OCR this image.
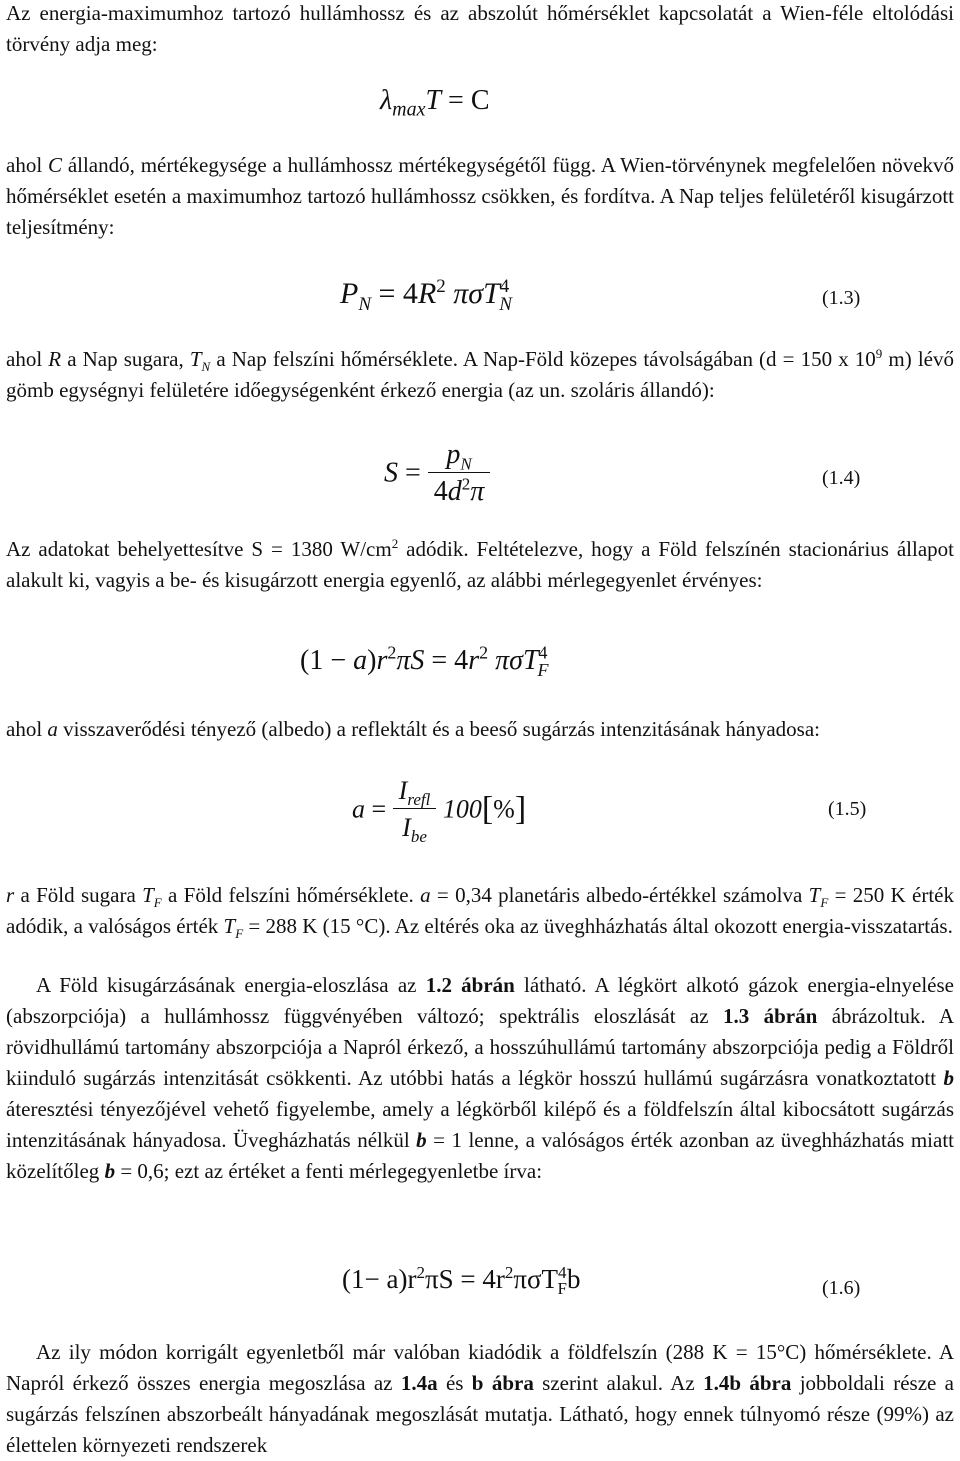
Az energia-maximumhoz tartozó hullámhossz és az abszolút hőmérséklet kapcsolatát a Wien-féle eltolódási törvény adja meg:

$\lambda_{max}T = C$

ahol C állandó, mértékegysége a hullámhossz mértékegységétől függ. A Wien-törvénynek megfelelően növekvő hőmérséklet esetén a maximumhoz tartozó hullámhossz csökken, és fordítva. A Nap teljes felületéről kisugárzott teljesítmény:

$P_N = 4R^2$ πσT$^4_N$	(1.3)

ahol R a Nap sugara, $T_N$ a Nap felszíni hőmérséklete. A Nap-Föld közepes távolságában (d = 150 x $10^9$ m) lévő gömb egységnyi felületére időegységenként érkező energia (az un. szoláris állandó):

$S = \frac{p_N}{4d^2\pi}$	(1.4)

Az adatokat behelyettesítve S = 1380 $W/cm^2$ adódik. Feltételezve, hogy a Föld felszínén stacionárius állapot alakult ki, vagyis a be- és kisugárzott energia egyenlő, az alábbi mérlegegyenlet érvényes:

$(1 - a)r^2\pi S = 4r^2$ πσT$^4_F$

ahol a visszaverődési tényező (albedo) a reflektált és a beeső sugárzás intenzitásának hányadosa:

$a = \frac{I_{refl}}{I_{be}} 100[\%]$	(1.5)

r a Föld sugara $T_F$ a Föld felszíni hőmérséklete. a = 0,34 planetáris albedo-értékkel számolva $T_F = 250$ K érték adódik, a valóságos érték $T_F = 288$ K (15 °C). Az eltérés oka az üveghházhatás által okozott energia-visszatartás.

A Föld kisugárzásának energia-eloszlása az 1.2 ábrán látható. A légkört alkotó gázok energia-elnyelése (abszorpciója) a hullámhossz függvényében változó; spektrális eloszlását az 1.3 ábrán ábrázoltuk. A rövidhullámú tartomány abszorpciója a Napról érkező, a hosszúhullámú tartomány abszorpciója pedig a Földről kiinduló sugárzás intenzitását csökkenti. Az utóbbi hatás a légkör hosszú hullámú sugárzásra vonatkoztatott b áteresztési tényezőjével vehető figyelembe, amely a légkörből kilépő és a földfelszín által kibocsátott sugárzás intenzitásának hányadosa. Üvegházhatás nélkül b = 1 lenne, a valóságos érték azonban az üveghházhatás miatt közelítőleg b = 0,6; ezt az értéket a fenti mérlegegyenletbe írva:

$(1- a)r^2\pi S = 4r^2\pi\sigma T^4_Fb$	(1.6)

Az ily módon korrigált egyenletből már valóban kiadódik a földfelszín (288 K = 15°C) hőmérséklete. A Napról érkező összes energia megoszlása az 1.4a és b ábra szerint alakul. Az 1.4b ábra jobboldali része a sugárzás felszínen abszorbeált hányadának megoszlását mutatja. Látható, hogy ennek túlnyomó része (99%) az élettelen környezeti rendszerek
